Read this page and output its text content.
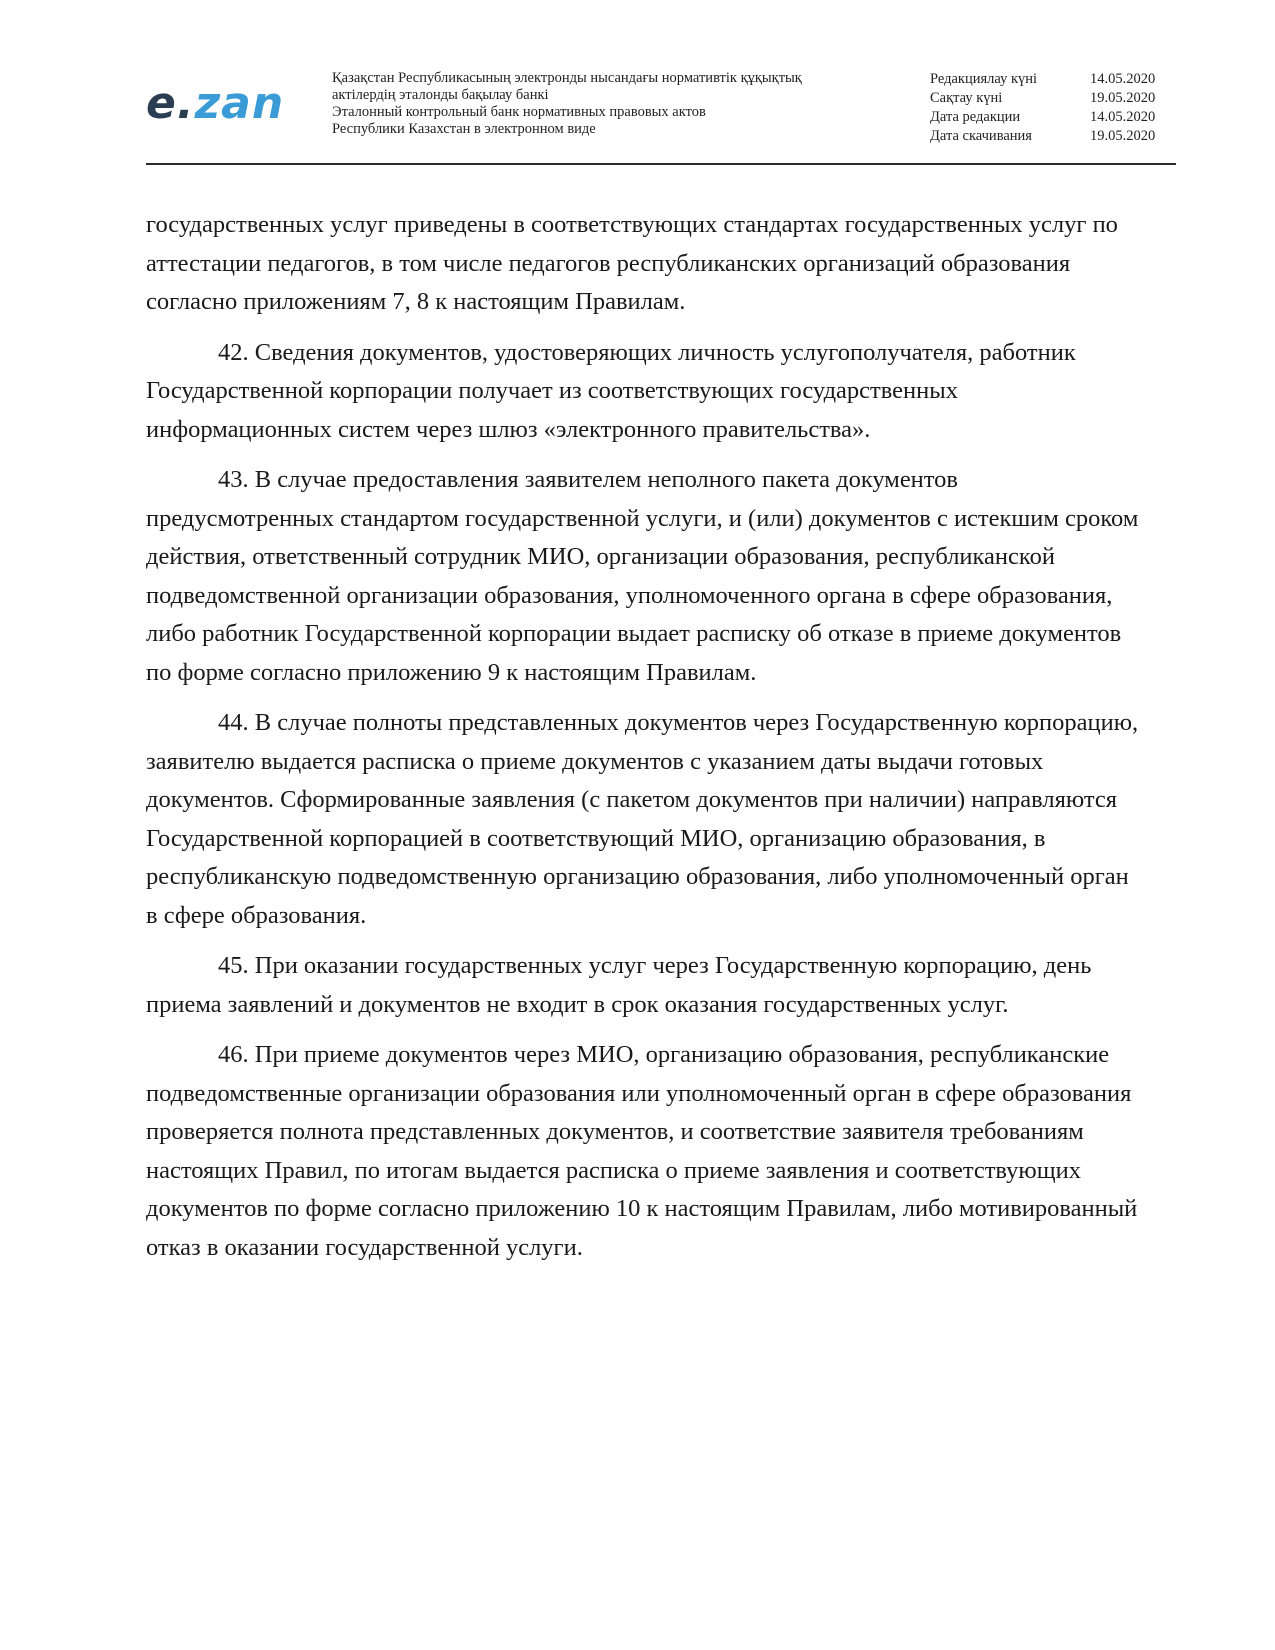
e.zan	Қазақстан Республикасының электронды нысандағы нормативтік құқықтық
актілердің эталонды бақылау банкі
Эталонный контрольный банк нормативных правовых актов
Республики Казахстан в электронном виде
Редакциялау күні	14.05.2020
Сақтау күні	19.05.2020
Дата редакции	14.05.2020
Дата скачивания	19.05.2020

государственных услуг приведены в соответствующих стандартах государственных услуг по аттестации педагогов, в том числе педагогов республиканских организаций образования согласно приложениям 7, 8 к настоящим Правилам.

42. Сведения документов, удостоверяющих личность услугополучателя, работник Государственной корпорации получает из соответствующих государственных информационных систем через шлюз «электронного правительства».

43. В случае предоставления заявителем неполного пакета документов предусмотренных стандартом государственной услуги, и (или) документов с истекшим сроком действия, ответственный сотрудник МИО, организации образования, республиканской подведомственной организации образования, уполномоченного органа в сфере образования, либо работник Государственной корпорации выдает расписку об отказе в приеме документов по форме согласно приложению 9 к настоящим Правилам.

44. В случае полноты представленных документов через Государственную корпорацию, заявителю выдается расписка о приеме документов с указанием даты выдачи готовых документов. Сформированные заявления (с пакетом документов при наличии) направляются Государственной корпорацией в соответствующий МИО, организацию образования, в республиканскую подведомственную организацию образования, либо уполномоченный орган в сфере образования.

45. При оказании государственных услуг через Государственную корпорацию, день приема заявлений и документов не входит в срок оказания государственных услуг.

46. При приеме документов через МИО, организацию образования, республиканские подведомственные организации образования или уполномоченный орган в сфере образования проверяется полнота представленных документов, и соответствие заявителя требованиям настоящих Правил, по итогам выдается расписка о приеме заявления и соответствующих документов по форме согласно приложению 10 к настоящим Правилам, либо мотивированный отказ в оказании государственной услуги.
